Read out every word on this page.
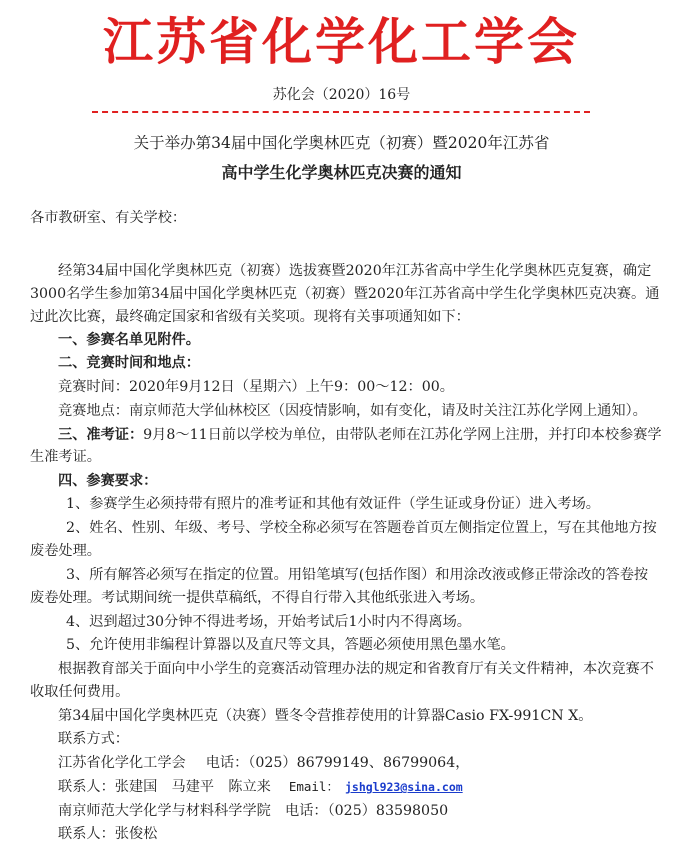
江苏省化学化工学会
苏化会（2020）16号
关于举办第34届中国化学奥林匹克（初赛）暨2020年江苏省
高中学生化学奥林匹克决赛的通知
各市教研室、有关学校：
经第34届中国化学奥林匹克（初赛）选拔赛暨2020年江苏省高中学生化学奥林匹克复赛，确定
3000名学生参加第34届中国化学奥林匹克（初赛）暨2020年江苏省高中学生化学奥林匹克决赛。通
过此次比赛，最终确定国家和省级有关奖项。现将有关事项通知如下：
一、参赛名单见附件。
二、竞赛时间和地点：
竞赛时间：2020年9月12日（星期六）上午9：00～12：00。
竞赛地点：南京师范大学仙林校区（因疫情影响，如有变化，请及时关注江苏化学网上通知）。
三、准考证：9月8～11日前以学校为单位，由带队老师在江苏化学网上注册，并打印本校参赛学
生准考证。
四、参赛要求：
1、参赛学生必须持带有照片的准考证和其他有效证件（学生证或身份证）进入考场。
2、姓名、性别、年级、考号、学校全称必须写在答题卷首页左侧指定位置上，写在其他地方按
废卷处理。
3、所有解答必须写在指定的位置。用铅笔填写(包括作图）和用涂改液或修正带涂改的答卷按
废卷处理。考试期间统一提供草稿纸，不得自行带入其他纸张进入考场。
4、迟到超过30分钟不得进考场，开始考试后1小时内不得离场。
5、允许使用非编程计算器以及直尺等文具，答题必须使用黑色墨水笔。
根据教育部关于面向中小学生的竞赛活动管理办法的规定和省教育厅有关文件精神，本次竞赛不
收取任何费用。
第34届中国化学奥林匹克（决赛）暨冬令营推荐使用的计算器Casio FX-991CN X。
联系方式：
江苏省化学化工学会 电话：（025）86799149、86799064，
联系人：张建国　马建平　陈立来 Email： jshgl923@sina.com
南京师范大学化学与材料科学学院　电话：（025）83598050
联系人：张俊松
